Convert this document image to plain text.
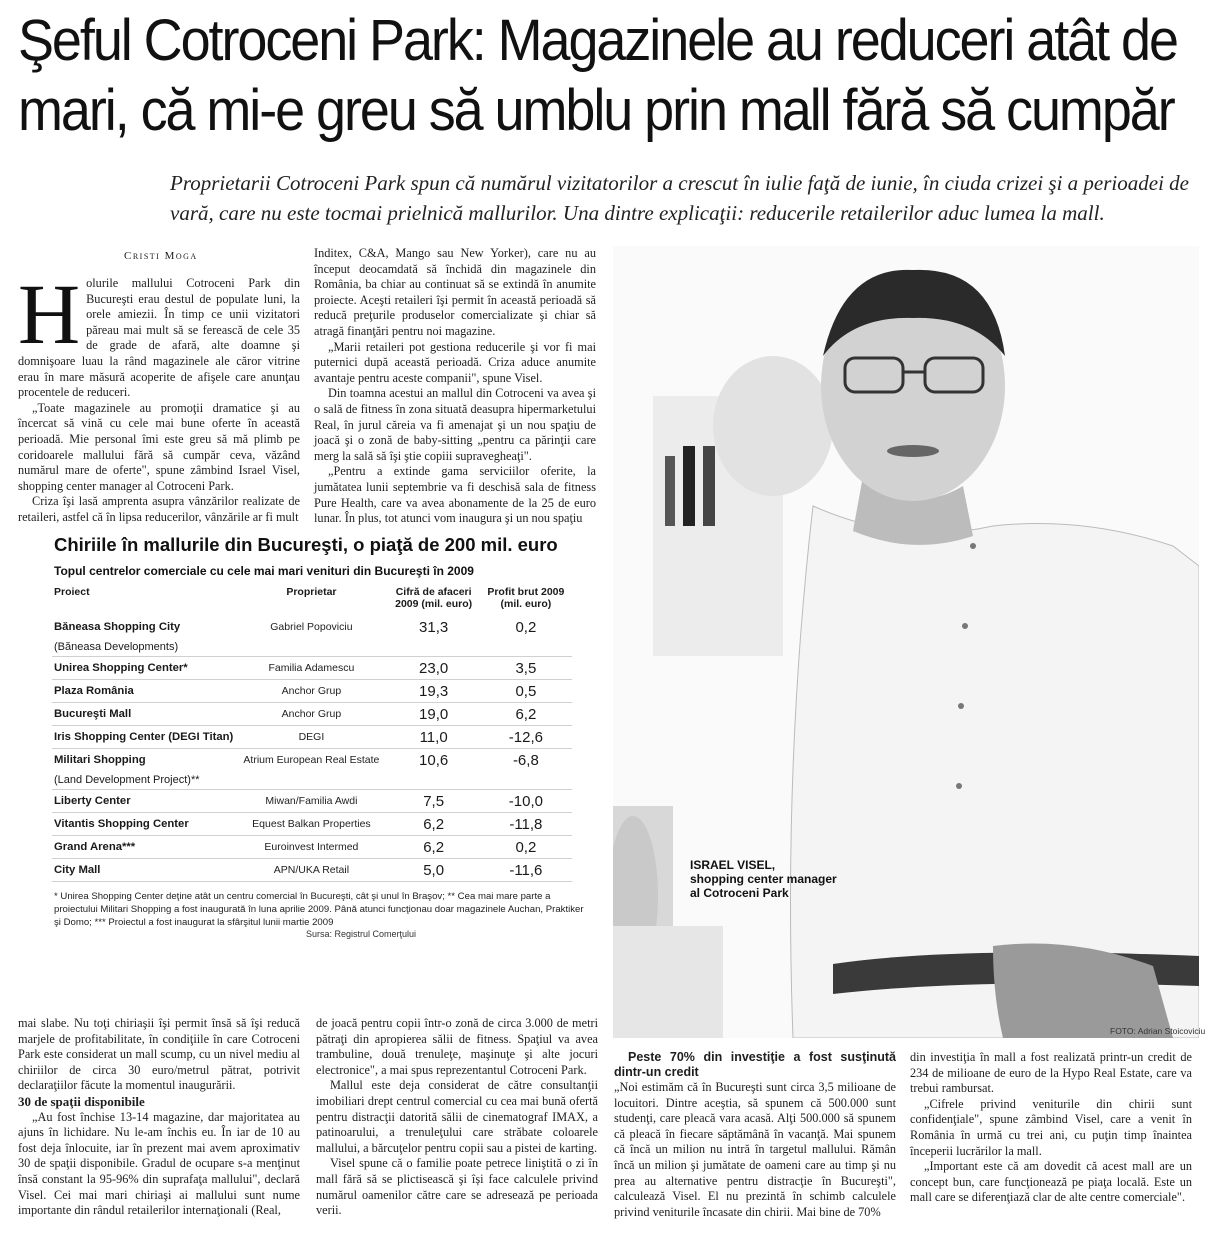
Şeful Cotroceni Park: Magazinele au reduceri atât de
mari, că mi-e greu să umblu prin mall fără să cumpăr

Proprietarii Cotroceni Park spun că numărul vizitatorilor a crescut în iulie faţă de iunie, în ciuda crizei şi a perioadei de vară, care nu este tocmai prielnică mallurilor. Una dintre explicaţii: reducerile retailerilor aduc lumea la mall.

Cristi Moga

Holurile mallului Cotroceni Park din Bucureşti erau destul de populate luni, la orele amiezii. În timp ce unii vizitatori păreau mai mult să se ferească de cele 35 de grade de afară, alte doamne şi domnişoare luau la rând magazinele ale căror vitrine erau în mare măsură acoperite de afişele care anunţau procentele de reduceri.

„Toate magazinele au promoţii dramatice şi au încercat să vină cu cele mai bune oferte în această perioadă. Mie personal îmi este greu să mă plimb pe coridoarele mallului fără să cumpăr ceva, văzând numărul mare de oferte", spune zâmbind Israel Visel, shopping center manager al Cotroceni Park.

Criza îşi lasă amprenta asupra vânzărilor realizate de retaileri, astfel că în lipsa reducerilor, vânzările ar fi mult

Inditex, C&A, Mango sau New Yorker), care nu au început deocamdată să închidă din magazinele din România, ba chiar au continuat să se extindă în anumite proiecte. Aceşti retaileri îşi permit în această perioadă să reducă preţurile produselor comercializate şi chiar să atragă finanţări pentru noi magazine.

„Marii retaileri pot gestiona reducerile şi vor fi mai puternici după această perioadă. Criza aduce anumite avantaje pentru aceste companii", spune Visel.

Din toamna acestui an mallul din Cotroceni va avea şi o sală de fitness în zona situată deasupra hipermarketului Real, în jurul căreia va fi amenajat şi un nou spaţiu de joacă şi o zonă de baby-sitting „pentru ca părinţii care merg la sală să îşi ştie copiii supravegheaţi".

„Pentru a extinde gama serviciilor oferite, la jumătatea lunii septembrie va fi deschisă sala de fitness Pure Health, care va avea abonamente de la 25 de euro lunar. În plus, tot atunci vom inaugura şi un nou spaţiu

Chiriile în mallurile din Bucureşti, o piaţă de 200 mil. euro
Topul centrelor comerciale cu cele mai mari venituri din Bucureşti în 2009
Proiect	Proprietar	Cifră de afaceri 2009 (mil. euro)	Profit brut 2009 (mil. euro)
Băneasa Shopping City	Gabriel Popoviciu	31,3	0,2
(Băneasa Developments)			
Unirea Shopping Center*	Familia Adamescu	23,0	3,5
Plaza România	Anchor Grup	19,3	0,5
Bucureşti Mall	Anchor Grup	19,0	6,2
Iris Shopping Center (DEGI Titan)	DEGI	11,0	-12,6
Militari Shopping	Atrium European Real Estate	10,6	-6,8
(Land Development Project)**			
Liberty Center	Miwan/Familia Awdi	7,5	-10,0
Vitantis Shopping Center	Equest Balkan Properties	6,2	-11,8
Grand Arena***	Euroinvest Intermed	6,2	0,2
City Mall	APN/UKA Retail	5,0	-11,6
* Unirea Shopping Center deţine atât un centru comercial în Bucureşti, cât şi unul în Braşov; ** Cea mai mare parte a proiectului Militari Shopping a fost inaugurată în luna aprilie 2009. Până atunci funcţionau doar magazinele Auchan, Praktiker şi Domo; *** Proiectul a fost inaugurat la sfârşitul lunii martie 2009
Sursa: Registrul Comerţului

mai slabe. Nu toţi chiriaşii îşi permit însă să îşi reducă marjele de profitabilitate, în condiţiile în care Cotroceni Park este considerat un mall scump, cu un nivel mediu al chiriilor de circa 30 euro/metrul pătrat, potrivit declaraţiilor făcute la momentul inaugurării.

30 de spaţii disponibile

„Au fost închise 13-14 magazine, dar majoritatea au ajuns în lichidare. Nu le-am închis eu. În iar de 10 au fost deja înlocuite, iar în prezent mai avem aproximativ 30 de spaţii disponibile. Gradul de ocupare s-a menţinut însă constant la 95-96% din suprafaţa mallului", declară Visel. Cei mai mari chiriaşi ai mallului sunt nume importante din rândul retailerilor internaţionali (Real,

de joacă pentru copii într-o zonă de circa 3.000 de metri pătraţi din apropierea sălii de fitness. Spaţiul va avea trambuline, două trenuleţe, maşinuţe şi alte jocuri electronice", a mai spus reprezentantul Cotroceni Park.

Mallul este deja considerat de către consultanţii imobiliari drept centrul comercial cu cea mai bună ofertă pentru distracţii datorită sălii de cinematograf IMAX, a patinoarului, a trenuleţului care străbate coloarele mallului, a bărcuţelor pentru copii sau a pistei de karting.

Visel spune că o familie poate petrece liniştită o zi în mall fără să se plictisească şi își face calculele privind numărul oamenilor către care se adresează pe perioada verii.

ISRAEL VISEL,
shopping center manager
al Cotroceni Park
FOTO: Adrian Stoicoviciu

Peste 70% din investiţie a fost susţinută dintr-un credit

„Noi estimăm că în Bucureşti sunt circa 3,5 milioane de locuitori. Dintre aceştia, să spunem că 500.000 sunt studenţi, care pleacă vara acasă. Alţi 500.000 să spunem că pleacă în fiecare săptămână în vacanţă. Mai spunem că încă un milion nu intră în targetul mallului. Rămân încă un milion şi jumătate de oameni care au timp şi nu prea au alternative pentru distracţie în Bucureşti", calculează Visel. El nu prezintă în schimb calculele privind veniturile încasate din chirii. Mai bine de 70%

din investiţia în mall a fost realizată printr-un credit de 234 de milioane de euro de la Hypo Real Estate, care va trebui rambursat.

„Cifrele privind veniturile din chirii sunt confidenţiale", spune zâmbind Visel, care a venit în România în urmă cu trei ani, cu puţin timp înaintea începerii lucrărilor la mall.

„Important este că am dovedit că acest mall are un concept bun, care funcţionează pe piaţa locală. Este un mall care se diferenţiază clar de alte centre comerciale".
